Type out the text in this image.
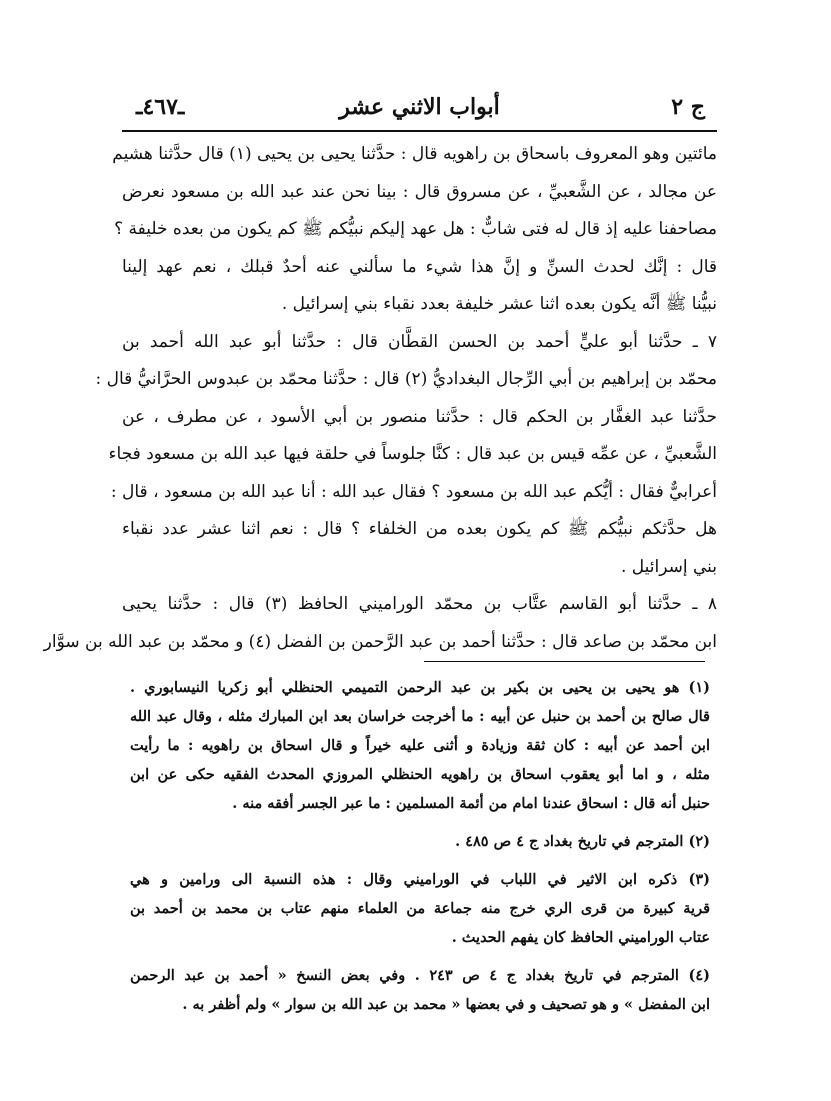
ج ٢
أبواب الاثني عشر
ـ٤٦٧ـ
مائتين وهو المعروف باسحاق بن راهويه قال : حدَّثنا يحيى بن يحيى (١) قال حدَّثنا هشيم
عن مجالد ، عن الشَّعبيِّ ، عن مسروق قال : بينا نحن عند عبد الله بن مسعود نعرض
مصاحفنا عليه إذ قال له فتى شابٌّ : هل عهد إليكم نبيُّكم ﷺ كم يكون من بعده خليفة ؟
قال : إنَّك لحدث السنِّ و إنَّ هذا شيء ما سألني عنه أحدٌ قبلك ، نعم عهد إلينا
نبيُّنا ﷺ أنَّه يكون بعده اثنا عشر خليفة بعدد نقباء بني إسرائيل .
٧ ـ حدَّثنا أبو عليٍّ أحمد بن الحسن القطَّان قال : حدَّثنا أبو عبد الله أحمد بن
محمّد بن إبراهيم بن أبي الرِّجال البغداديُّ (٢) قال : حدَّثنا محمّد بن عبدوس الحرَّانيُّ قال :
حدَّثنا عبد الغفَّار بن الحكم قال : حدَّثنا منصور بن أبي الأسود ، عن مطرف ، عن
الشَّعبيِّ ، عن عمِّه قيس بن عبد قال : كنَّا جلوساً في حلقة فيها عبد الله بن مسعود فجاء
أعرابيٌّ فقال : أيُّكم عبد الله بن مسعود ؟ فقال عبد الله : أنا عبد الله بن مسعود ، قال :
هل حدَّثكم نبيُّكم ﷺ كم يكون بعده من الخلفاء ؟ قال : نعم اثنا عشر عدد نقباء
بني إسرائيل .
٨ ـ حدَّثنا أبو القاسم عتَّاب بن محمّد الوراميني الحافظ (٣) قال : حدَّثنا يحيى
ابن محمّد بن صاعد قال : حدَّثنا أحمد بن عبد الرَّحمن بن الفضل (٤) و محمّد بن عبد الله بن سوَّار
(١) هو يحيى بن يحيى بن بكير بن عبد الرحمن التميمي الحنظلي أبو زكريا النيسابوري .
قال صالح بن أحمد بن حنبل عن أبيه : ما أخرجت خراسان بعد ابن المبارك مثله ، وقال عبد الله
ابن أحمد عن أبيه : كان ثقة وزيادة و أثنى عليه خيراً و قال اسحاق بن راهويه : ما رأيت
مثله ، و اما أبو يعقوب اسحاق بن راهويه الحنظلي المروزي المحدث الفقيه حكى عن ابن
حنبل أنه قال : اسحاق عندنا امام من أئمة المسلمين : ما عبر الجسر أفقه منه .
(٢) المترجم في تاريخ بغداد ج ٤ ص ٤٨٥ .
(٣) ذكره ابن الاثير في اللباب في الوراميني وقال : هذه النسبة الى ورامين و هي
قرية كبيرة من قرى الري خرج منه جماعة من العلماء منهم عتاب بن محمد بن أحمد بن
عتاب الوراميني الحافظ كان يفهم الحديث .
(٤) المترجم في تاريخ بغداد ج ٤ ص ٢٤٣ . وفي بعض النسخ « أحمد بن عبد الرحمن
ابن المفضل » و هو تصحيف و في بعضها « محمد بن عبد الله بن سوار » ولم أظفر به .
